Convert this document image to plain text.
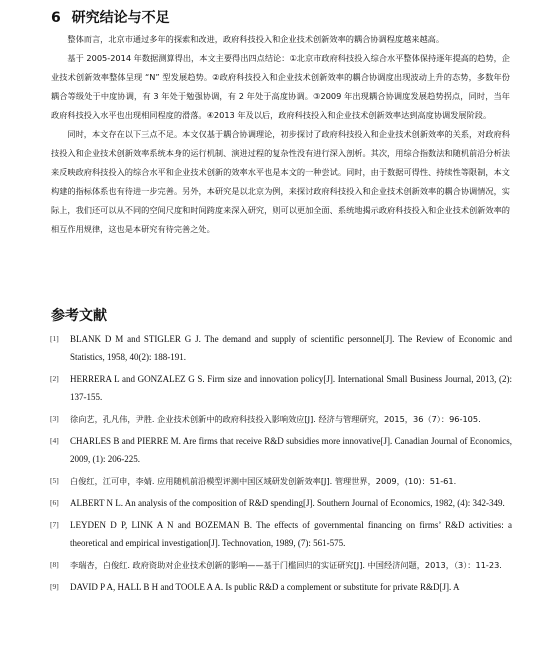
6 研究结论与不足

整体而言，北京市通过多年的探索和改进，政府科技投入和企业技术创新效率的耦合协调程度越来越高。

基于 2005-2014 年数据测算得出，本文主要得出四点结论：①北京市政府科技投入综合水平整体保持逐年提高的趋势，企业技术创新效率整体呈现 “N” 型发展趋势。②政府科技投入和企业技术创新效率的耦合协调度出现波动上升的态势，多数年份耦合等级处于中度协调，有 3 年处于勉强协调，有 2 年处于高度协调。③2009 年出现耦合协调度发展趋势拐点，同时，当年政府科技投入水平也出现相同程度的滑落。④2013 年及以后，政府科技投入和企业技术创新效率达到高度协调发展阶段。

同时，本文存在以下三点不足。本文仅基于耦合协调理论，初步探讨了政府科技投入和企业技术创新效率的关系，对政府科技投入和企业技术创新效率系统本身的运行机制、演进过程的复杂性没有进行深入剖析。其次，用综合指数法和随机前沿分析法来反映政府科技投入的综合水平和企业技术创新的效率水平也是本文的一种尝试。同时，由于数据可得性、持续性等限制，本文构建的指标体系也有待进一步完善。另外，本研究是以北京为例，来探讨政府科技投入和企业技术创新效率的耦合协调情况，实际上，我们还可以从不同的空间尺度和时间跨度来深入研究，则可以更加全面、系统地揭示政府科技投入和企业技术创新效率的相互作用规律，这也是本研究有待完善之处。

参考文献
[1] BLANK D M and STIGLER G J. The demand and supply of scientific personnel[J]. The Review of Economic and Statistics, 1958, 40(2): 188-191.
[2] HERRERA L and GONZALEZ G S. Firm size and innovation policy[J]. International Small Business Journal, 2013, (2): 137-155.
[3] 徐向艺，孔凡伟，尹胜. 企业技术创新中的政府科技投入影响效应[J]. 经济与管理研究，2015，36（7）：96-105.
[4] CHARLES B and PIERRE M. Are firms that receive R&D subsidies more innovative[J]. Canadian Journal of Economics, 2009, (1): 206-225.
[5] 白俊红，江可申，李婧. 应用随机前沿模型评测中国区域研发创新效率[J]. 管理世界，2009，(10)：51-61.
[6] ALBERT N L. An analysis of the composition of R&D spending[J]. Southern Journal of Economics, 1982, (4): 342-349.
[7] LEYDEN D P, LINK A N and BOZEMAN B. The effects of governmental financing on firms’ R&D activities: a theoretical and empirical investigation[J]. Technovation, 1989, (7): 561-575.
[8] 李瑞杏，白俊红. 政府资助对企业技术创新的影响——基于门槛回归的实证研究[J]. 中国经济问题，2013，（3）：11-23.
[9] DAVID P A, HALL B H and TOOLE A A. Is public R&D a complement or substitute for private R&D[J]. A
